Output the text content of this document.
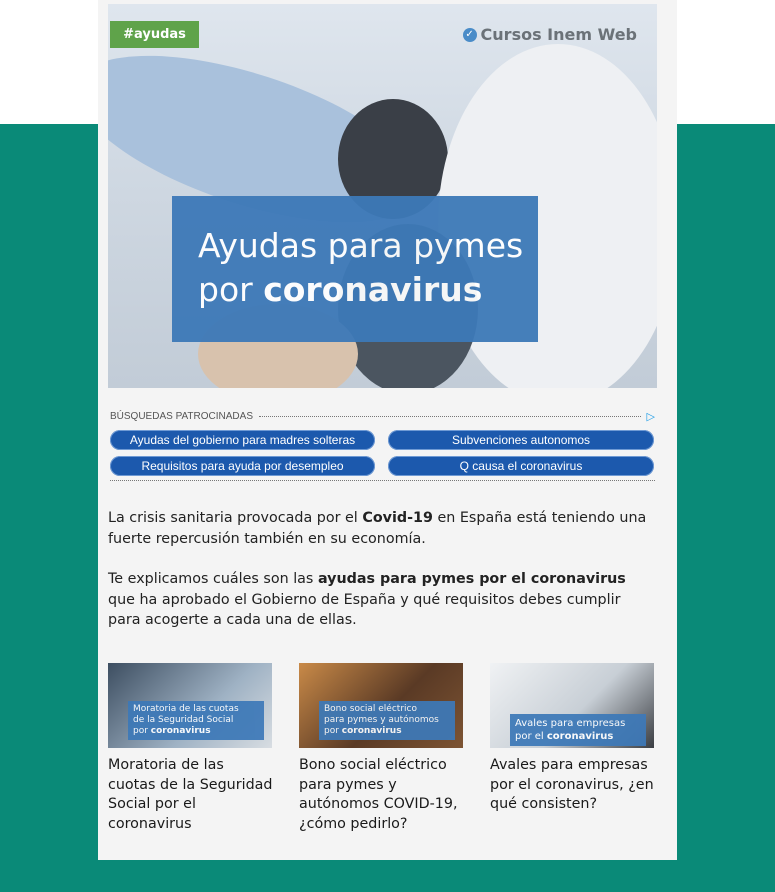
#ayudas	✓ Cursos Inem Web
Ayudas para pymes
por coronavirus
BÚSQUEDAS PATROCINADAS	▷
Ayudas del gobierno para madres solteras	Subvenciones autonomos
Requisitos para ayuda por desempleo	Q causa el coronavirus

La crisis sanitaria provocada por el Covid-19 en España está teniendo una fuerte repercusión también en su economía.

Te explicamos cuáles son las ayudas para pymes por el coronavirus que ha aprobado el Gobierno de España y qué requisitos debes cumplir para acogerte a cada una de ellas.

Moratoria de las cuotas
de la Seguridad Social
por coronavirus
Moratoria de las cuotas de la Seguridad Social por el coronavirus
Bono social eléctrico
para pymes y autónomos
por coronavirus
Bono social eléctrico para pymes y autónomos COVID-19, ¿cómo pedirlo?
Avales para empresas
por el coronavirus
Avales para empresas por el coronavirus, ¿en qué consisten?
